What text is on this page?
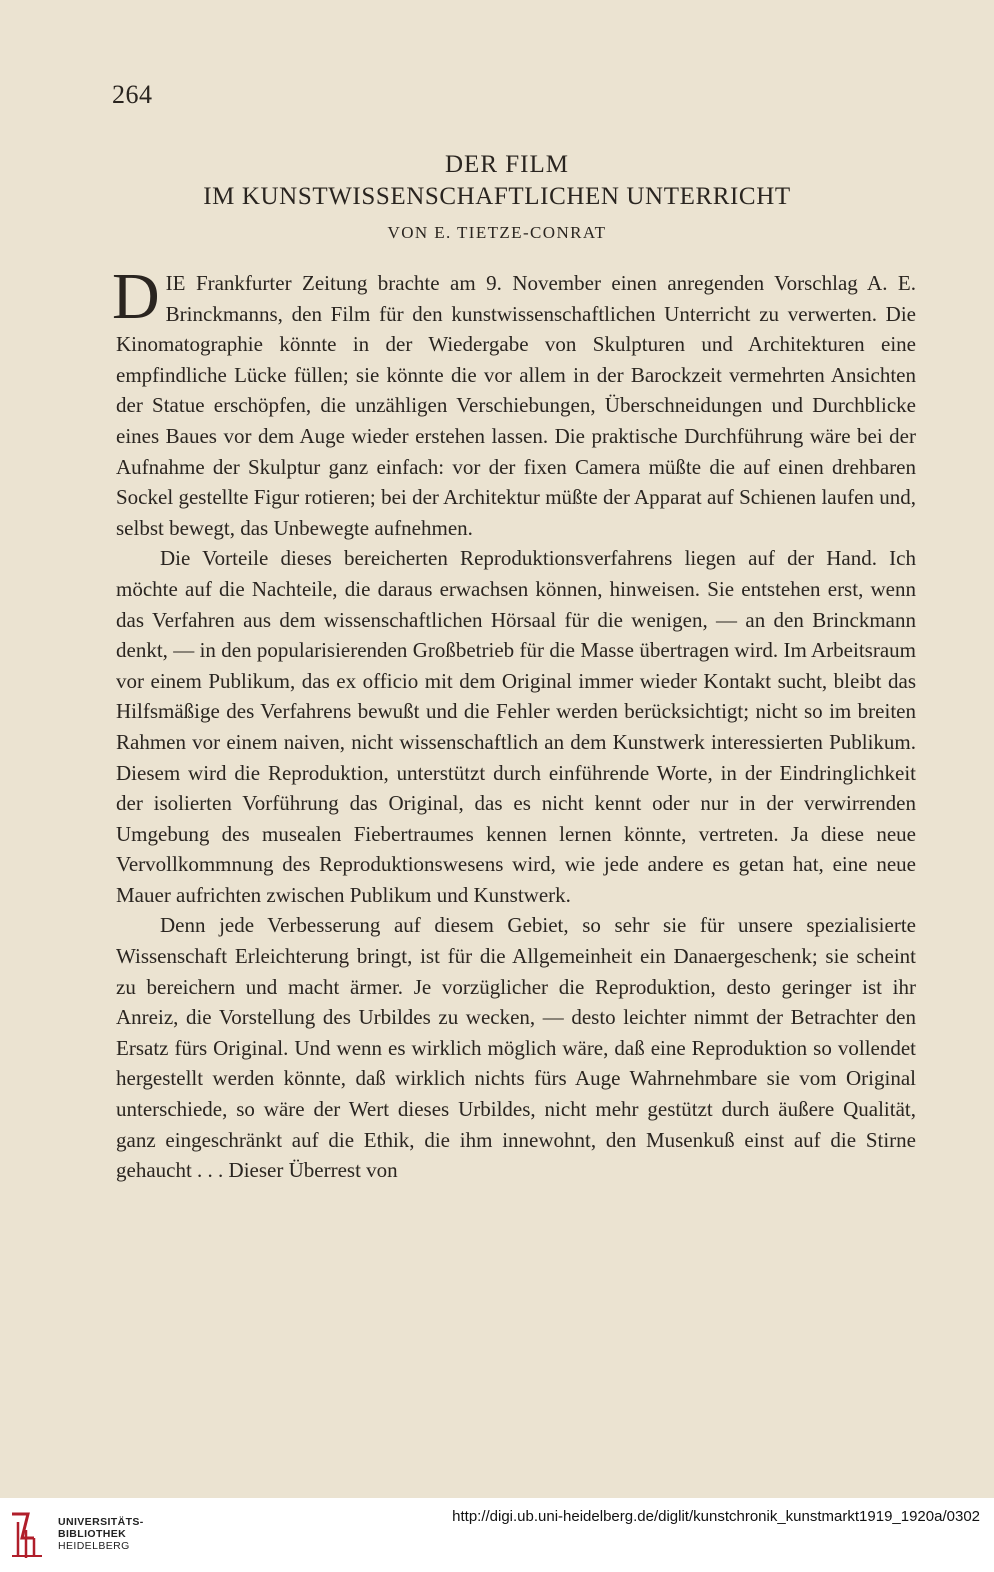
264
DER FILM
IM KUNSTWISSENSCHAFTLICHEN UNTERRICHT
VON E. TIETZE-CONRAT

DIE Frankfurter Zeitung brachte am 9. November einen anregenden Vorschlag A. E. Brinckmanns, den Film für den kunstwissenschaftlichen Unterricht zu verwerten. Die Kinomatographie könnte in der Wiedergabe von Skulpturen und Architekturen eine empfindliche Lücke füllen; sie könnte die vor allem in der Barockzeit vermehrten Ansichten der Statue erschöpfen, die unzähligen Verschiebungen, Überschneidungen und Durchblicke eines Baues vor dem Auge wieder erstehen lassen. Die praktische Durchführung wäre bei der Aufnahme der Skulptur ganz einfach: vor der fixen Camera müßte die auf einen drehbaren Sockel gestellte Figur rotieren; bei der Architektur müßte der Apparat auf Schienen laufen und, selbst bewegt, das Unbewegte aufnehmen.

Die Vorteile dieses bereicherten Reproduktionsverfahrens liegen auf der Hand. Ich möchte auf die Nachteile, die daraus erwachsen können, hinweisen. Sie entstehen erst, wenn das Verfahren aus dem wissenschaftlichen Hörsaal für die wenigen, — an den Brinckmann denkt, — in den popularisierenden Großbetrieb für die Masse übertragen wird. Im Arbeitsraum vor einem Publikum, das ex officio mit dem Original immer wieder Kontakt sucht, bleibt das Hilfsmäßige des Verfahrens bewußt und die Fehler werden berücksichtigt; nicht so im breiten Rahmen vor einem naiven, nicht wissenschaftlich an dem Kunstwerk interessierten Publikum. Diesem wird die Reproduktion, unterstützt durch einführende Worte, in der Eindringlichkeit der isolierten Vorführung das Original, das es nicht kennt oder nur in der verwirrenden Umgebung des musealen Fiebertraumes kennen lernen könnte, vertreten. Ja diese neue Vervollkommnung des Reproduktionswesens wird, wie jede andere es getan hat, eine neue Mauer aufrichten zwischen Publikum und Kunstwerk.

Denn jede Verbesserung auf diesem Gebiet, so sehr sie für unsere spezialisierte Wissenschaft Erleichterung bringt, ist für die Allgemeinheit ein Danaergeschenk; sie scheint zu bereichern und macht ärmer. Je vorzüglicher die Reproduktion, desto geringer ist ihr Anreiz, die Vorstellung des Urbildes zu wecken, — desto leichter nimmt der Betrachter den Ersatz fürs Original. Und wenn es wirklich möglich wäre, daß eine Reproduktion so vollendet hergestellt werden könnte, daß wirklich nichts fürs Auge Wahrnehmbare sie vom Original unterschiede, so wäre der Wert dieses Urbildes, nicht mehr gestützt durch äußere Qualität, ganz eingeschränkt auf die Ethik, die ihm innewohnt, den Musenkuß einst auf die Stirne gehaucht . . . Dieser Überrest von

UNIVERSITÄTS-
BIBLIOTHEK
HEIDELBERG
http://digi.ub.uni-heidelberg.de/diglit/kunstchronik_kunstmarkt1919_1920a/0302
